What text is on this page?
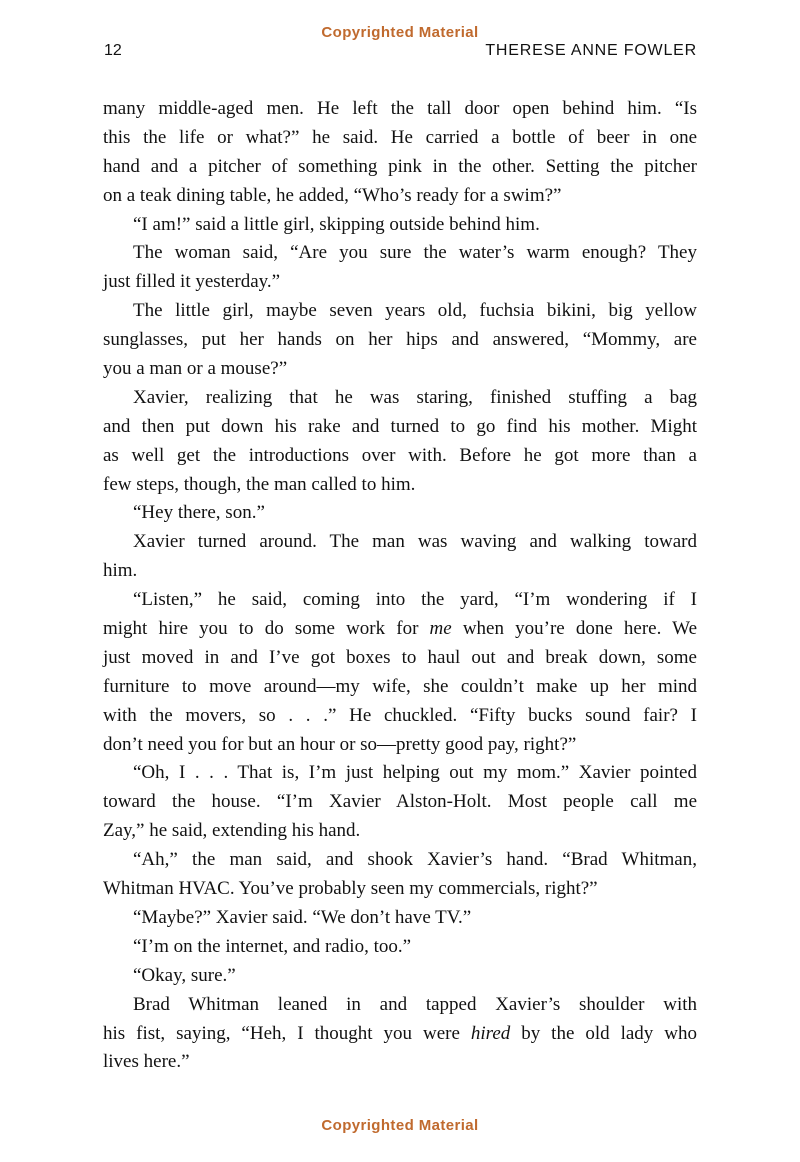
Copyrighted Material
12	THERESE ANNE FOWLER
many middle-aged men. He left the tall door open behind him. “Is
this the life or what?” he said. He carried a bottle of beer in one
hand and a pitcher of something pink in the other. Setting the pitcher
on a teak dining table, he added, “Who’s ready for a swim?”
“I am!” said a little girl, skipping outside behind him.
The woman said, “Are you sure the water’s warm enough? They
just filled it yesterday.”
The little girl, maybe seven years old, fuchsia bikini, big yellow
sunglasses, put her hands on her hips and answered, “Mommy, are
you a man or a mouse?”
Xavier, realizing that he was staring, finished stuffing a bag
and then put down his rake and turned to go find his mother. Might
as well get the introductions over with. Before he got more than a
few steps, though, the man called to him.
“Hey there, son.”
Xavier turned around. The man was waving and walking toward
him.
“Listen,” he said, coming into the yard, “I’m wondering if I
might hire you to do some work for me when you’re done here. We
just moved in and I’ve got boxes to haul out and break down, some
furniture to move around—my wife, she couldn’t make up her mind
with the movers, so . . .” He chuckled. “Fifty bucks sound fair? I
don’t need you for but an hour or so—pretty good pay, right?”
“Oh, I . . . That is, I’m just helping out my mom.” Xavier pointed
toward the house. “I’m Xavier Alston-Holt. Most people call me
Zay,” he said, extending his hand.
“Ah,” the man said, and shook Xavier’s hand. “Brad Whitman,
Whitman HVAC. You’ve probably seen my commercials, right?”
“Maybe?” Xavier said. “We don’t have TV.”
“I’m on the internet, and radio, too.”
“Okay, sure.”
Brad Whitman leaned in and tapped Xavier’s shoulder with
his fist, saying, “Heh, I thought you were hired by the old lady who
lives here.”
Copyrighted Material
